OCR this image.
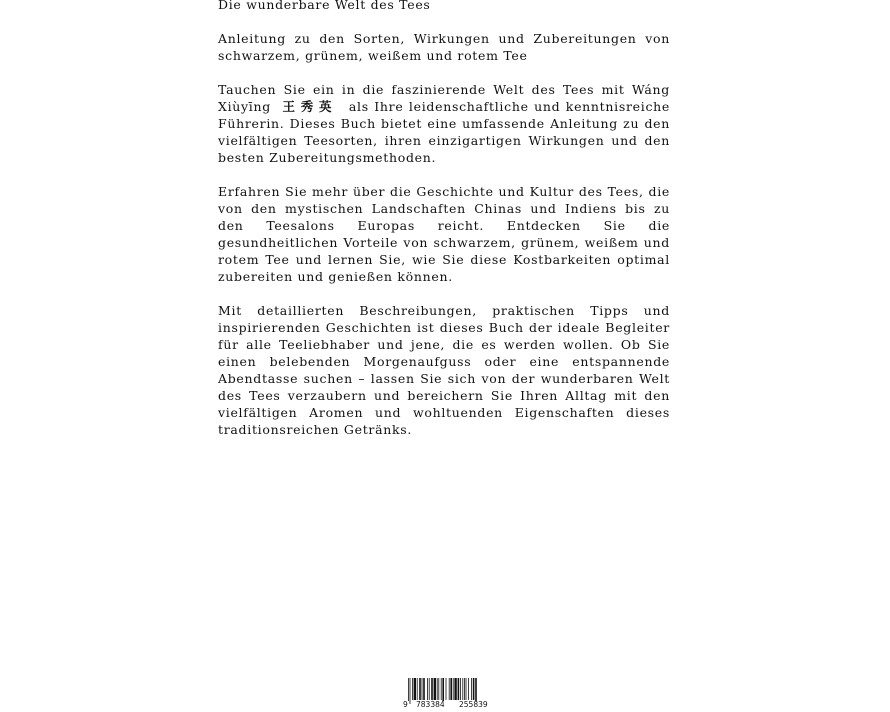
Die wunderbare Welt des Tees
Anleitung zu den Sorten, Wirkungen und Zubereitungen von schwarzem, grünem, weißem und rotem Tee

Tauchen Sie ein in die faszinierende Welt des Tees mit Wáng Xiùyīng 王秀英 als Ihre leidenschaftliche und kenntnisreiche Führerin. Dieses Buch bietet eine umfassende Anleitung zu den vielfältigen Teesorten, ihren einzigartigen Wirkungen und den besten Zubereitungsmethoden.

Erfahren Sie mehr über die Geschichte und Kultur des Tees, die von den mystischen Landschaften Chinas und Indiens bis zu den Teesalons Europas reicht. Entdecken Sie die gesundheitlichen Vorteile von schwarzem, grünem, weißem und rotem Tee und lernen Sie, wie Sie diese Kostbarkeiten optimal zubereiten und genießen können.

Mit detaillierten Beschreibungen, praktischen Tipps und inspirierenden Geschichten ist dieses Buch der ideale Begleiter für alle Teeliebhaber und jene, die es werden wollen. Ob Sie einen belebenden Morgenaufguss oder eine entspannende Abendtasse suchen – lassen Sie sich von der wunderbaren Welt des Tees verzaubern und bereichern Sie Ihren Alltag mit den vielfältigen Aromen und wohltuenden Eigenschaften dieses traditionsreichen Getränks.

9 783384 255839
